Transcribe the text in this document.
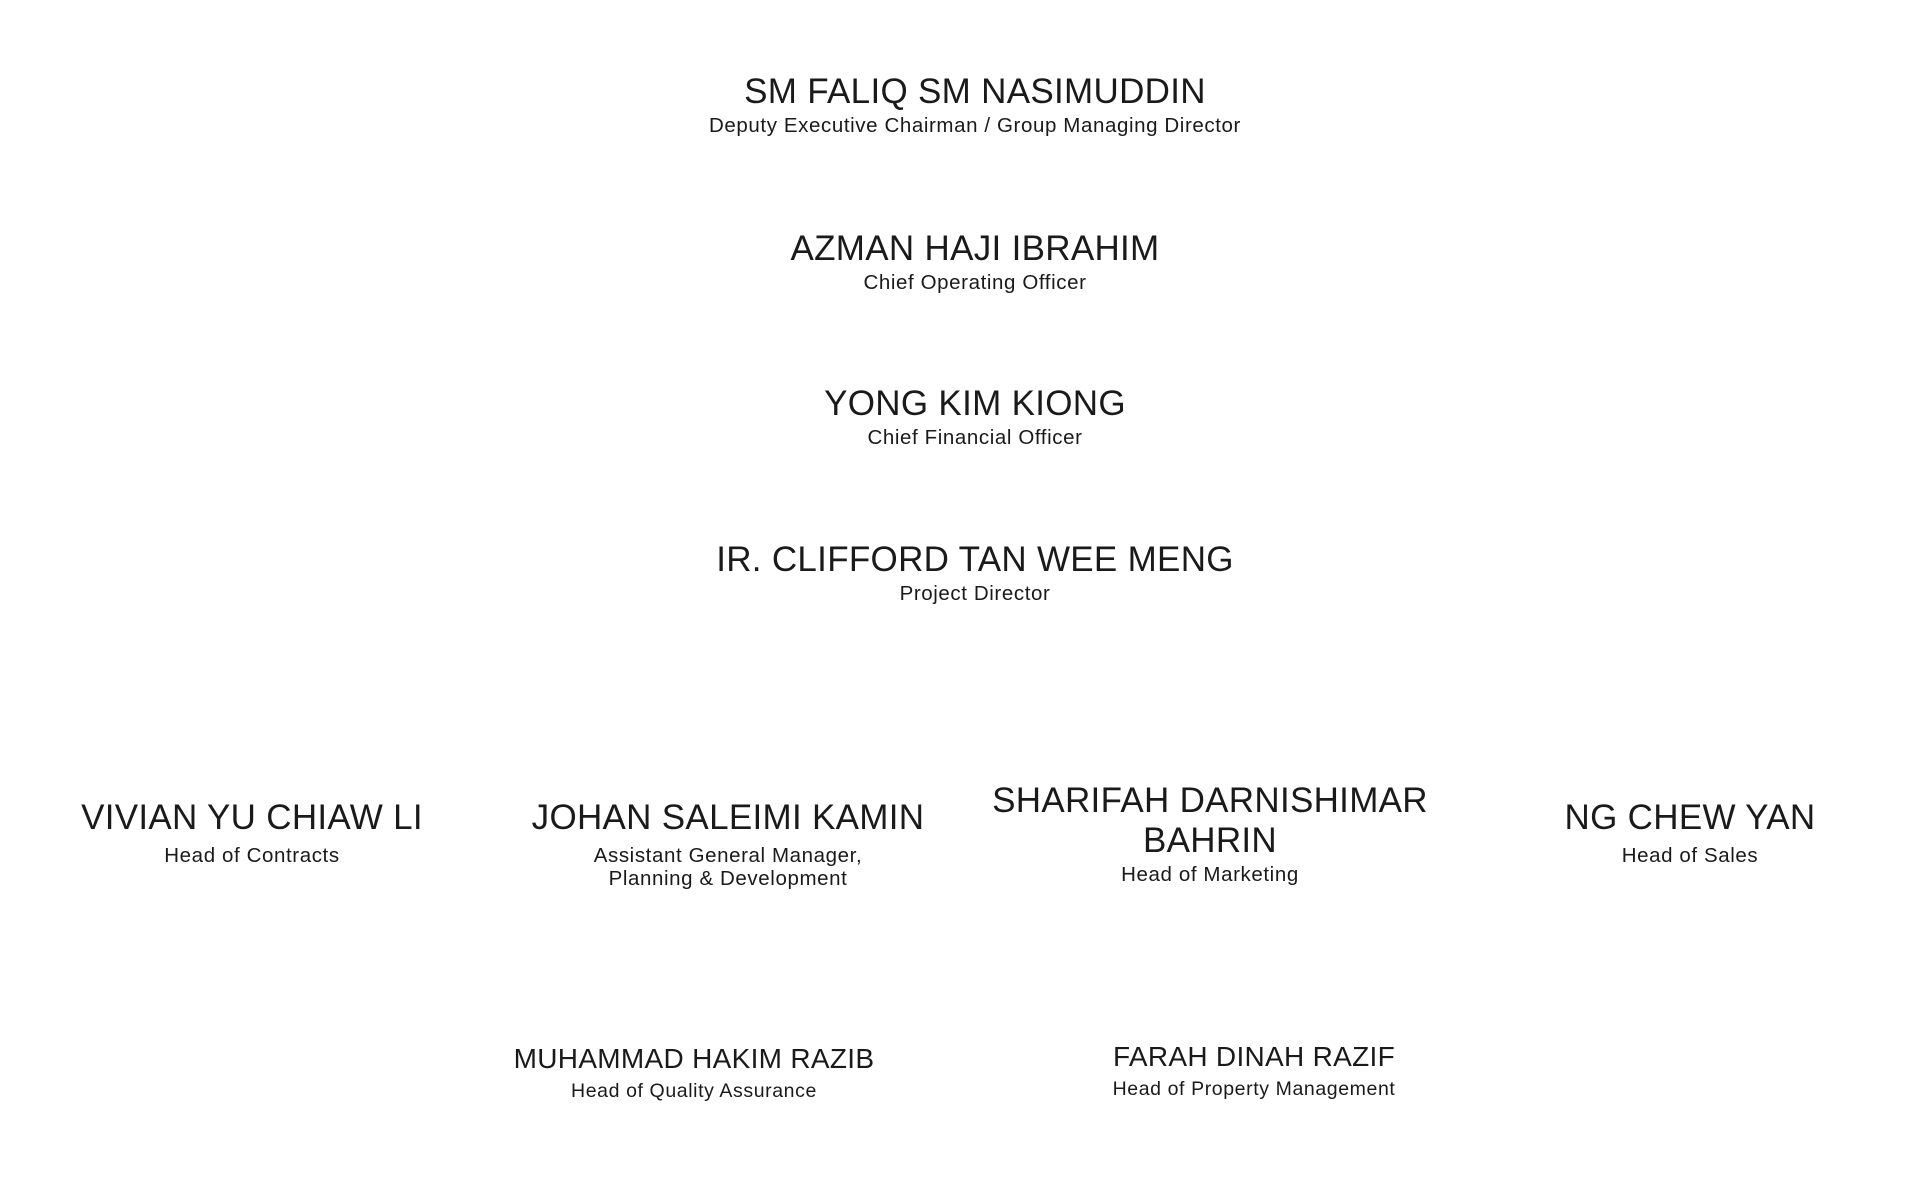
SM FALIQ SM NASIMUDDIN
Deputy Executive Chairman / Group Managing Director
AZMAN HAJI IBRAHIM
Chief Operating Officer
YONG KIM KIONG
Chief Financial Officer
IR. CLIFFORD TAN WEE MENG
Project Director
VIVIAN YU CHIAW LI
Head of Contracts
JOHAN SALEIMI KAMIN
Assistant General Manager,
Planning & Development
SHARIFAH DARNISHIMAR
BAHRIN
Head of Marketing
NG CHEW YAN
Head of Sales
MUHAMMAD HAKIM RAZIB
Head of Quality Assurance
FARAH DINAH RAZIF
Head of Property Management
